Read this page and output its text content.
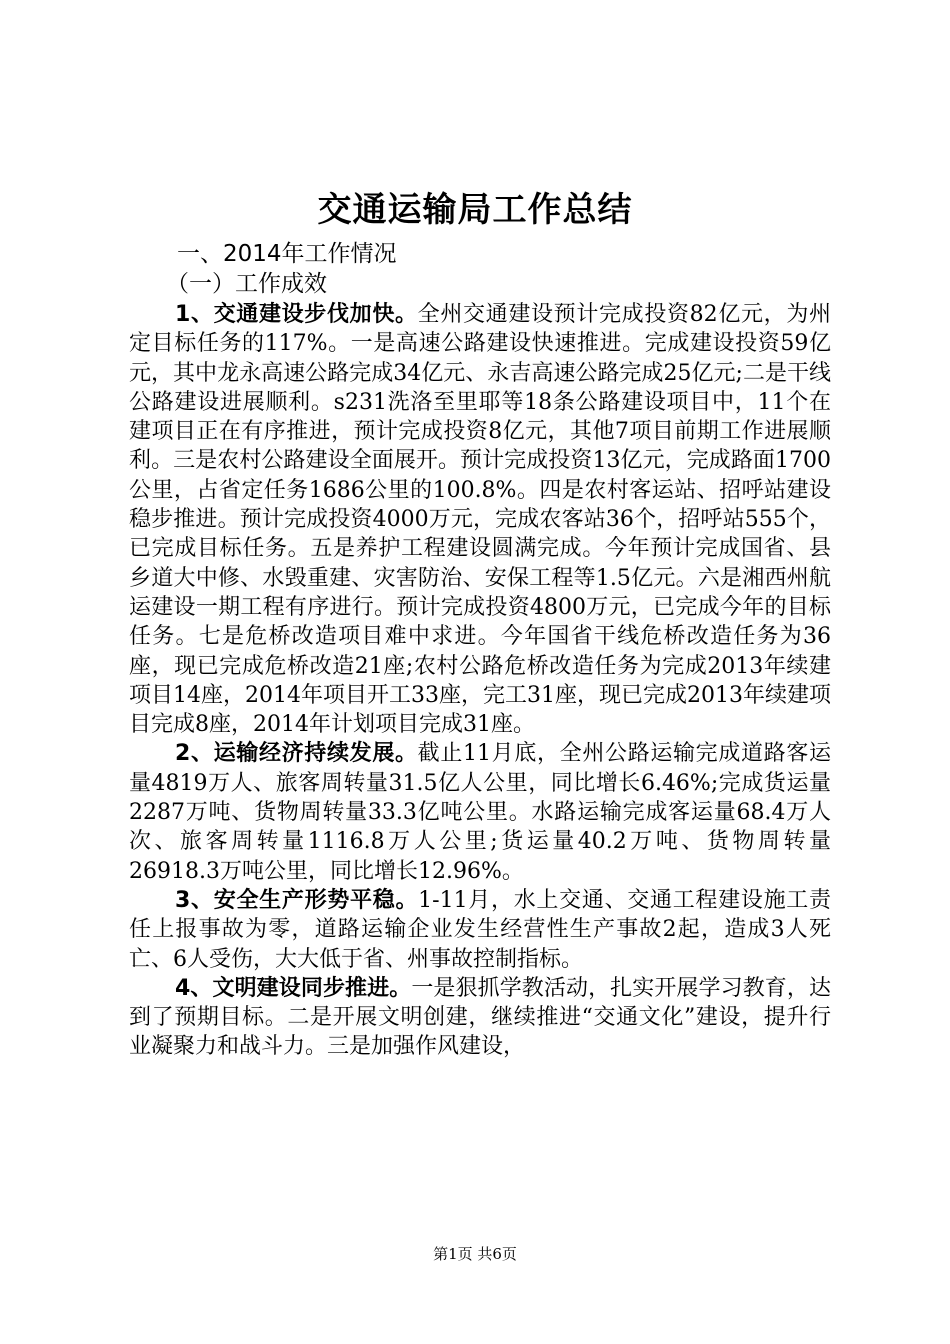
交通运输局工作总结
一、2014年工作情况
（一）工作成效

1、交通建设步伐加快。全州交通建设预计完成投资82亿元，为州定目标任务的117%。一是高速公路建设快速推进。完成建设投资59亿元，其中龙永高速公路完成34亿元、永吉高速公路完成25亿元;二是干线公路建设进展顺利。s231洗洛至里耶等18条公路建设项目中，11个在建项目正在有序推进，预计完成投资8亿元，其他7项目前期工作进展顺利。三是农村公路建设全面展开。预计完成投资13亿元，完成路面1700公里，占省定任务1686公里的100.8%。四是农村客运站、招呼站建设稳步推进。预计完成投资4000万元，完成农客站36个，招呼站555个，已完成目标任务。五是养护工程建设圆满完成。今年预计完成国省、县乡道大中修、水毁重建、灾害防治、安保工程等1.5亿元。六是湘西州航运建设一期工程有序进行。预计完成投资4800万元，已完成今年的目标任务。七是危桥改造项目难中求进。今年国省干线危桥改造任务为36座，现已完成危桥改造21座;农村公路危桥改造任务为完成2013年续建项目14座，2014年项目开工33座，完工31座，现已完成2013年续建项目完成8座，2014年计划项目完成31座。

2、运输经济持续发展。截止11月底，全州公路运输完成道路客运量4819万人、旅客周转量31.5亿人公里，同比增长6.46%;完成货运量2287万吨、货物周转量33.3亿吨公里。水路运输完成客运量68.4万人次、旅客周转量1116.8万人公里;货运量40.2万吨、货物周转量26918.3万吨公里，同比增长12.96%。

3、安全生产形势平稳。1-11月，水上交通、交通工程建设施工责任上报事故为零，道路运输企业发生经营性生产事故2起，造成3人死亡、6人受伤，大大低于省、州事故控制指标。

4、文明建设同步推进。一是狠抓学教活动，扎实开展学习教育，达到了预期目标。二是开展文明创建，继续推进“交通文化”建设，提升行业凝聚力和战斗力。三是加强作风建设，

第1页 共6页
